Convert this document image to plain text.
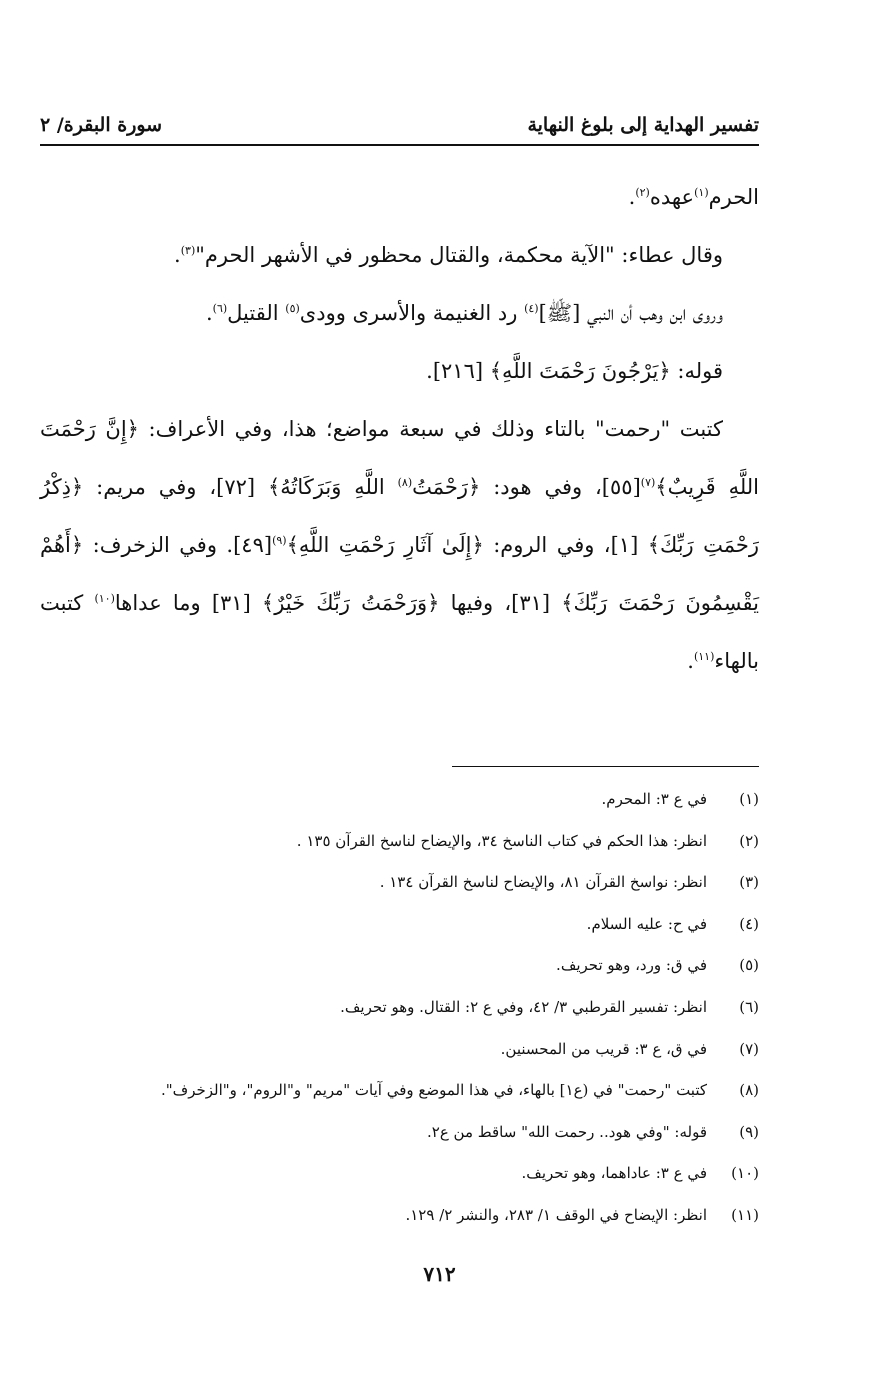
تفسير الهداية إلى بلوغ النهاية
سورة البقرة/ ٢

الحرم$^{(١)}$عهده$^{(٢)}$.

وقال عطاء: "الآية محكمة، والقتال محظور في الأشهر الحرم"$^{(٣)}$.

وروى ابن وهب أن النبي [ﷺ]$^{(٤)}$ رد الغنيمة والأسرى وودى$^{(٥)}$ القتيل$^{(٦)}$.

قوله: ﴿يَرْجُونَ رَحْمَتَ اللَّهِ﴾ [٢١٦].

كتبت "رحمت" بالتاء وذلك في سبعة مواضع؛ هذا، وفي الأعراف: ﴿إِنَّ رَحْمَتَ اللَّهِ قَرِيبٌ﴾$^{(٧)}$[٥٥]، وفي هود: ﴿رَحْمَتُ$^{(٨)}$ اللَّهِ وَبَرَكَاتُهُ﴾ [٧٢]، وفي مريم: ﴿ذِكْرُ رَحْمَتِ رَبِّكَ﴾ [١]، وفي الروم: ﴿إِلَىٰ آثَارِ رَحْمَتِ اللَّهِ﴾$^{(٩)}$[٤٩]. وفي الزخرف: ﴿أَهُمْ يَقْسِمُونَ رَحْمَتَ رَبِّكَ﴾ [٣١]، وفيها ﴿وَرَحْمَتُ رَبِّكَ خَيْرٌ﴾ [٣١] وما عداها$^{(١٠)}$ كتبت بالهاء$^{(١١)}$.

(١)
في ع ٣: المحرم.
(٢)
انظر: هذا الحكم في كتاب الناسخ ٣٤، والإيضاح لناسخ القرآن ١٣٥ .
(٣)
انظر: نواسخ القرآن ٨١، والإيضاح لناسخ القرآن ١٣٤ .
(٤)
في ح: عليه السلام.
(٥)
في ق: ورد، وهو تحريف.
(٦)
انظر: تفسير القرطبي ٣/ ٤٢، وفي ع ٢: القتال. وهو تحريف.
(٧)
في ق، ع ٣: قريب من المحسنين.
(٨)
كتبت "رحمت" في (ع١] بالهاء، في هذا الموضع وفي آيات "مريم" و"الروم"، و"الزخرف".
(٩)
قوله: "وفي هود.. رحمت الله" ساقط من ع٢.
(١٠)
في ع ٣: عاداهما، وهو تحريف.
(١١)
انظر: الإيضاح في الوقف ١/ ٢٨٣، والنشر ٢/ ١٢٩.
٧١٢
